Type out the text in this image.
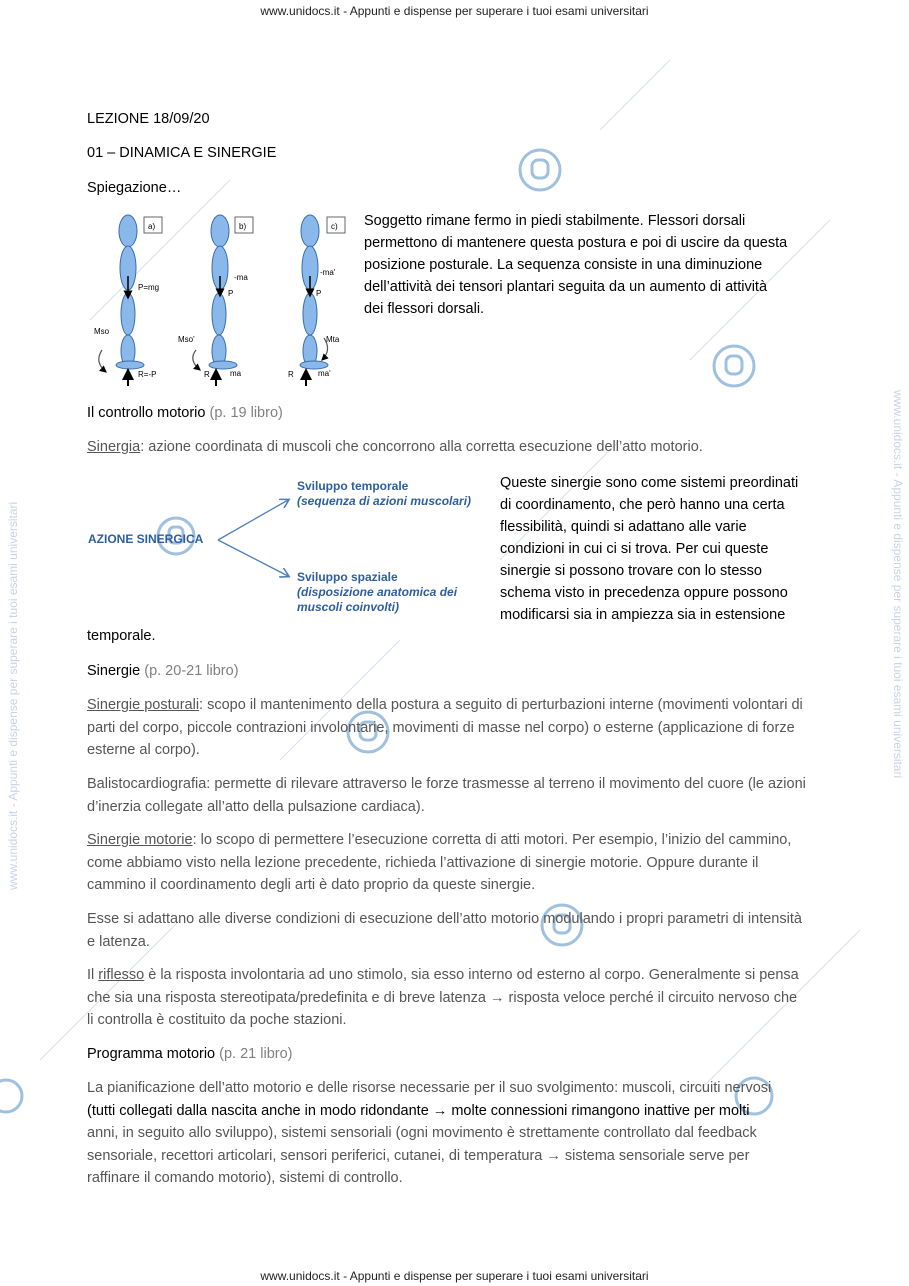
www.unidocs.it - Appunti e dispense per superare i tuoi esami universitari
www.unidocs.it - Appunti e dispense per superare i tuoi esami universitari
www.unidocs.it - Appunti e dispense per superare i tuoi esami universitari	www.unidocs.it - Appunti e dispense per superare i tuoi esami universitari
LEZIONE 18/09/20
01 – DINAMICA E SINERGIE
Spiegazione…
a)	b)	c)
P=mg
Mso
R=-P
-ma
P
Mso'
R	ma
-ma'
P
Mta
R	ma'
Soggetto rimane fermo in piedi stabilmente. Flessori dorsali
permettono di mantenere questa postura e poi di uscire da questa
posizione posturale. La sequenza consiste in una diminuzione
dell’attività dei tensori plantari seguita da un aumento di attività
dei flessori dorsali.
Il controllo motorio (p. 19 libro)
Sinergia: azione coordinata di muscoli che concorrono alla corretta esecuzione dell’atto motorio.
AZIONE SINERGICA
Sviluppo temporale
(sequenza di azioni muscolari)
Sviluppo spaziale
(disposizione anatomica dei
muscoli coinvolti)
Queste sinergie sono come sistemi preordinati
di coordinamento, che però hanno una certa
flessibilità, quindi si adattano alle varie
condizioni in cui ci si trova. Per cui queste
sinergie si possono trovare con lo stesso
schema visto in precedenza oppure possono
modificarsi sia in ampiezza sia in estensione
temporale.
Sinergie (p. 20-21 libro)
Sinergie posturali: scopo il mantenimento della postura a seguito di perturbazioni interne (movimenti volontari di parti del corpo, piccole contrazioni involontarie, movimenti di masse nel corpo) o esterne (applicazione di forze esterne al corpo).
Balistocardiografia: permette di rilevare attraverso le forze trasmesse al terreno il movimento del cuore (le azioni d’inerzia collegate all’atto della pulsazione cardiaca).
Sinergie motorie: lo scopo di permettere l’esecuzione corretta di atti motori. Per esempio, l’inizio del cammino, come abbiamo visto nella lezione precedente, richieda l’attivazione di sinergie motorie. Oppure durante il cammino il coordinamento degli arti è dato proprio da queste sinergie.
Esse si adattano alle diverse condizioni di esecuzione dell’atto motorio modulando i propri parametri di intensità e latenza.
Il riflesso è la risposta involontaria ad uno stimolo, sia esso interno od esterno al corpo. Generalmente si pensa che sia una risposta stereotipata/predefinita e di breve latenza → risposta veloce perché il circuito nervoso che li controlla è costituito da poche stazioni.
Programma motorio (p. 21 libro)
La pianificazione dell’atto motorio e delle risorse necessarie per il suo svolgimento: muscoli, circuiti nervosi
(tutti collegati dalla nascita anche in modo ridondante → molte connessioni rimangono inattive per molti
anni, in seguito allo sviluppo), sistemi sensoriali (ogni movimento è strettamente controllato dal feedback
sensoriale, recettori articolari, sensori periferici, cutanei, di temperatura → sistema sensoriale serve per
raffinare il comando motorio), sistemi di controllo.
